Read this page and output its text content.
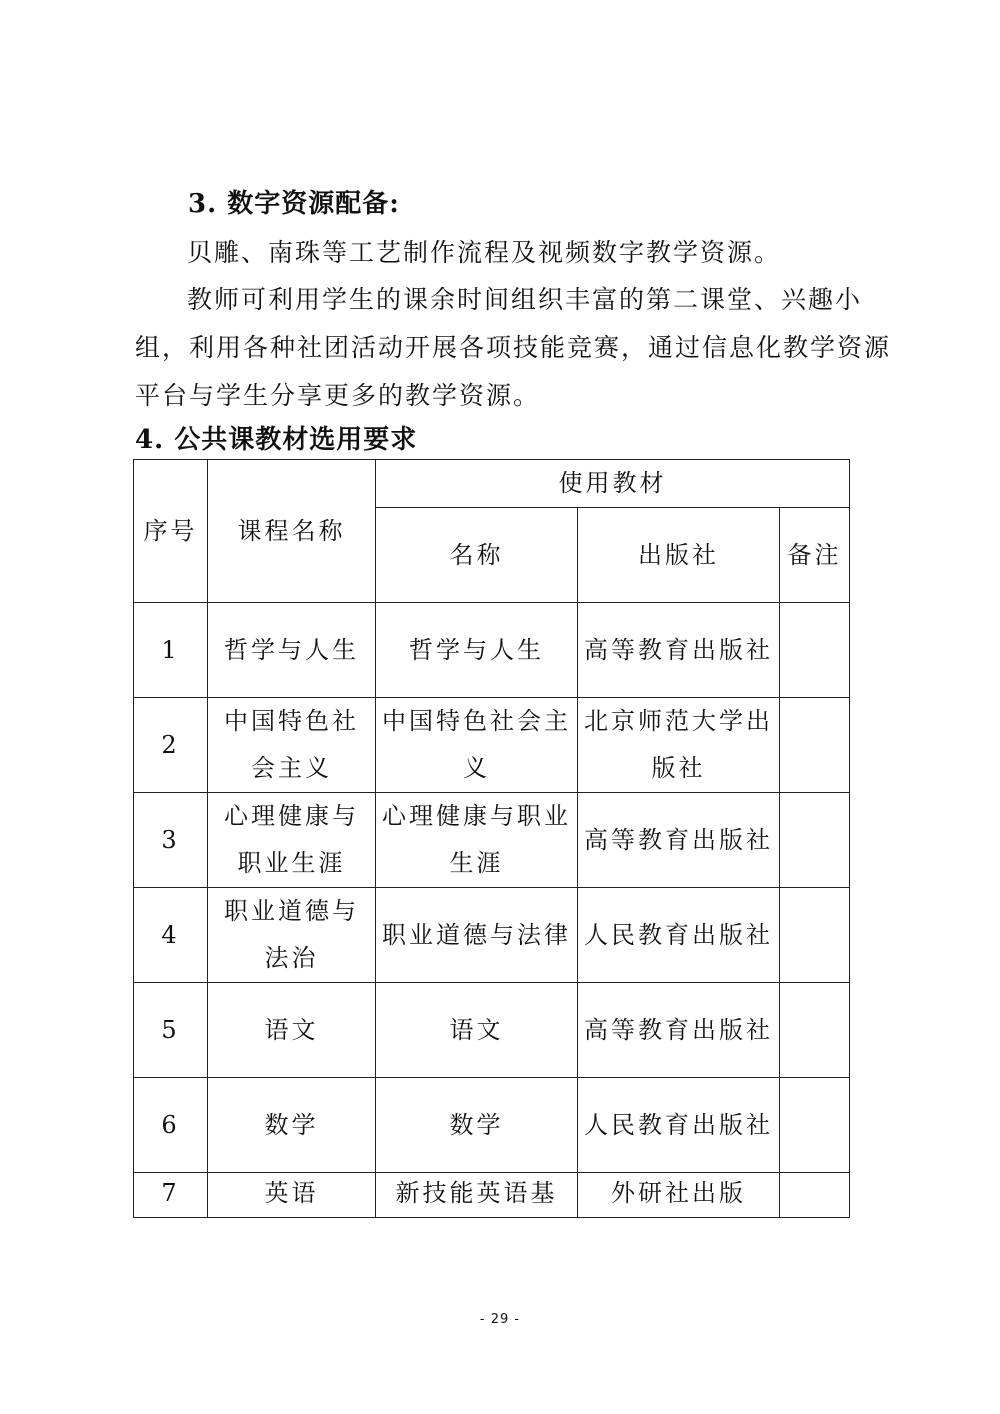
3. 数字资源配备:

贝雕、南珠等工艺制作流程及视频数字教学资源。

教师可利用学生的课余时间组织丰富的第二课堂、兴趣小组，利用各种社团活动开展各项技能竞赛，通过信息化教学资源平台与学生分享更多的教学资源。

4. 公共课教材选用要求
序号	课程名称	使用教材		
		名称	出版社	备注
1	哲学与人生	哲学与人生	高等教育出版社	
2	中国特色社会主义	中国特色社会主义	北京师范大学出版社	
3	心理健康与职业生涯	心理健康与职业生涯	高等教育出版社	
4	职业道德与法治	职业道德与法律	人民教育出版社	
5	语文	语文	高等教育出版社	
6	数学	数学	人民教育出版社	
7	英语	新技能英语基	外研社出版	
- 29 -
